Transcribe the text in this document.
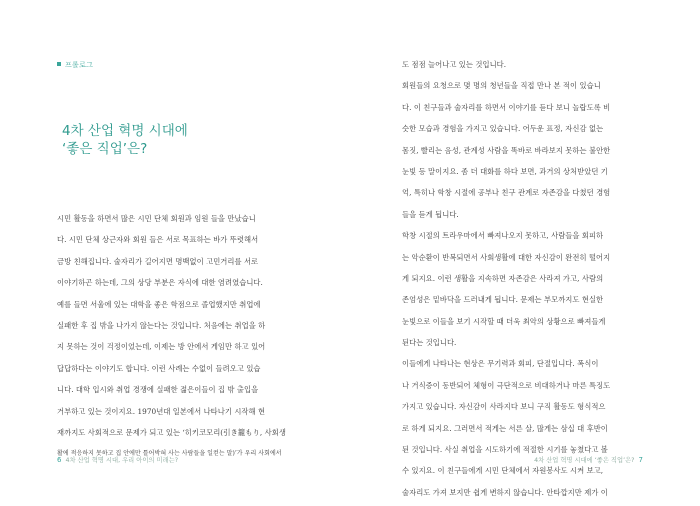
프롤로그
4차 산업 혁명 시대에
‘좋은 직업’은?
시민 활동을 하면서 많은 시민 단체 회원과 임원 들을 만났습니
다. 시민 단체 상근자와 회원 들은 서로 목표하는 바가 뚜렷해서
금방 친해집니다. 술자리가 길어지면 명백없이 고민거리를 서로
이야기하곤 하는데, 그의 상당 부분은 자식에 대한 염려였습니다.
예를 들면 서울에 있는 대학을 좋은 학점으로 졸업했지만 취업에
실패한 후 집 밖을 나가지 않는다는 것입니다. 처음에는 취업을 하
지 못하는 것이 걱정이었는데, 이제는 방 안에서 게임만 하고 있어
답답하다는 이야기도 합니다. 이런 사례는 수없이 들려오고 있습
니다. 대학 입시와 취업 경쟁에 실패한 젊은이들이 집 밖 출입을
거부하고 있는 것이지요. 1970년대 일본에서 나타나기 시작해 현
재까지도 사회적으로 문제가 되고 있는 ‘히키코모리(引き籠もり, 사회생
활에 적응하지 못하고 집 안에만 틀어박혀 사는 사람들을 일컫는 말)’가 우리 사회에서
6 4차 산업 혁명 시대, 우리 아이의 미래는?
도 점점 늘어나고 있는 것입니다.
회원들의 요청으로 몇 명의 청년들을 직접 만나 본 적이 있습니
다. 이 친구들과 술자리를 하면서 이야기를 듣다 보니 놀랍도록 비
슷한 모습과 경험을 가지고 있습니다. 어두운 표정, 자신감 없는
몸짓, 빨리는 음성, 관계성 사람을 똑바로 바라보지 못하는 불안한
눈빛 등 말이지요. 좀 더 대화를 하다 보면, 과거의 상처받았던 기
억, 특히나 학창 시절에 공부나 친구 관계로 자존감을 다쳤던 경험
들을 듣게 됩니다.
학창 시절의 트라우마에서 빠져나오지 못하고, 사람들을 회피하
는 악순환이 반복되면서 사회생활에 대한 자신감이 완전히 떨어지
게 되지요. 이런 생활을 지속하면 자존감은 사라져 가고, 사람의
존엄성은 밑바닥을 드러내게 됩니다. 문제는 부모까지도 현실한
눈빛으로 이들을 보기 시작할 때 더욱 최악의 상황으로 빠져들게
된다는 것입니다.
이들에게 나타나는 현상은 무기력과 회피, 단절입니다. 폭식이
나 거식증이 동반되어 체형이 극단적으로 비대하거나 마른 특징도
가지고 있습니다. 자신감이 사라지다 보니 구직 활동도 형식적으
로 하게 되지요. 그러면서 적게는 서른 살, 많게는 삼십 대 후반이
된 것입니다. 사실 취업을 시도하기에 적절한 시기를 놓쳤다고 볼
수 있지요. 이 친구들에게 시민 단체에서 자원봉사도 시켜 보고,
술자리도 가져 보지만 쉽게 변하지 않습니다. 안타깝지만 제가 이
4차 산업 혁명 시대에 ‘좋은 직업’은? 7
